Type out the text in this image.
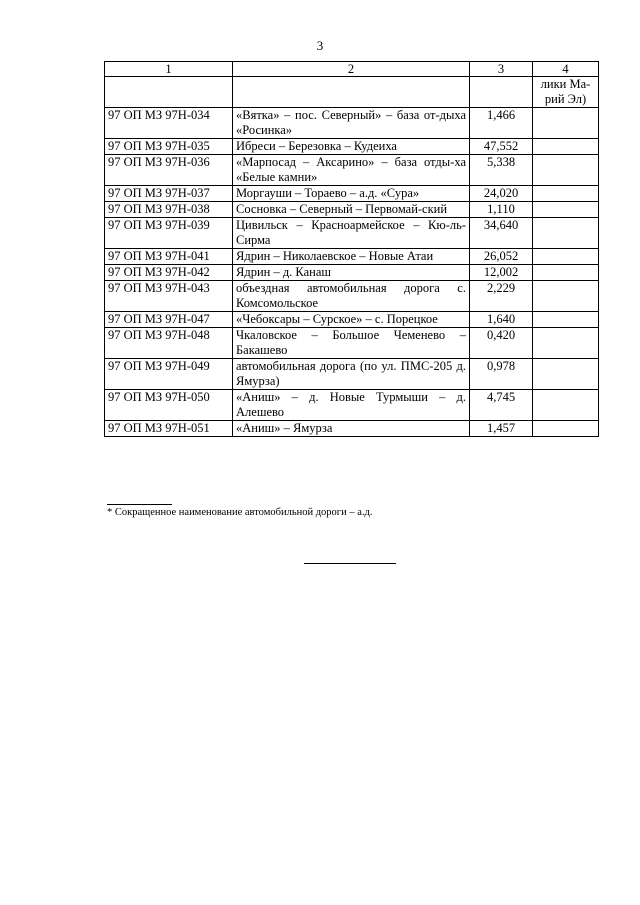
3
1	2	3	4
			лики Ма-рий Эл)
97 ОП МЗ 97Н-034	«Вятка» – пос. Северный» – база от-дыха «Росинка»	1,466	
97 ОП МЗ 97Н-035	Ибреси – Березовка – Кудеиха	47,552	
97 ОП МЗ 97Н-036	«Марпосад – Аксарино» – база отды-ха «Белые камни»	5,338	
97 ОП МЗ 97Н-037	Моргауши – Тораево – а.д. «Сура»	24,020	
97 ОП МЗ 97Н-038	Сосновка – Северный – Первомай-ский	1,110	
97 ОП МЗ 97Н-039	Цивильск – Красноармейское – Кю-ль-Сирма	34,640	
97 ОП МЗ 97Н-041	Ядрин – Николаевское – Новые Атаи	26,052	
97 ОП МЗ 97Н-042	Ядрин – д. Канаш	12,002	
97 ОП МЗ 97Н-043	объездная автомобильная дорога с. Комсомольское	2,229	
97 ОП МЗ 97Н-047	«Чебоксары – Сурское» – с. Порецкое	1,640	
97 ОП МЗ 97Н-048	Чкаловское – Большое Чеменево – Бакашево	0,420	
97 ОП МЗ 97Н-049	автомобильная дорога (по ул. ПМС-205 д. Ямурза)	0,978	
97 ОП МЗ 97Н-050	«Аниш» – д. Новые Турмыши – д. Алешево	4,745	
97 ОП МЗ 97Н-051	«Аниш» – Ямурза	1,457	
* Сокращенное наименование автомобильной дороги – а.д.
